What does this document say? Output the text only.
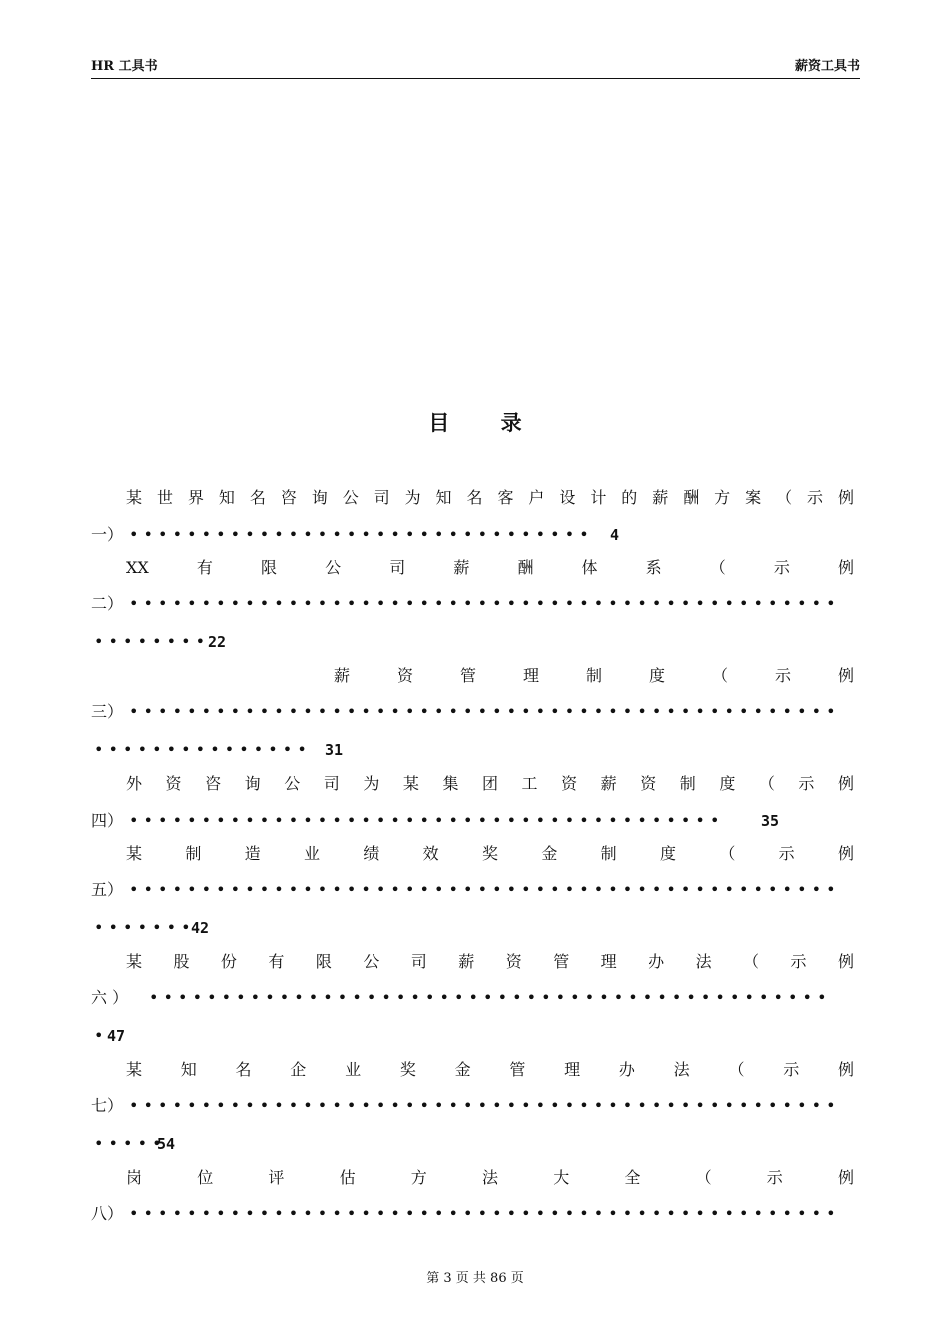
HR 工具书	薪资工具书
目 录
某世界知名咨询公司为知名客户设计的薪酬方案（示例
一） • • • • • • • • • • • • • • • • • • • • • • • • • • • • • • • • 4
XX有限公司薪酬体系（示例
二） • • • • • • • • • • • • • • • • • • • • • • • • • • • • • • • • • • • • • • • • • • • • • • • • •
• • • • • • • • 22
薪资管理制度（示例
三） • • • • • • • • • • • • • • • • • • • • • • • • • • • • • • • • • • • • • • • • • • • • • • • • •
• • • • • • • • • • • • • • • 31
外资咨询公司为某集团工资薪资制度（示例
四） • • • • • • • • • • • • • • • • • • • • • • • • • • • • • • • • • • • • • • • • •	35
某制造业绩效奖金制度（示例
五） • • • • • • • • • • • • • • • • • • • • • • • • • • • • • • • • • • • • • • • • • • • • • • • • •
• • • • • • • 42
某股份有限公司薪资管理办法（示例
六 ） • • • • • • • • • • • • • • • • • • • • • • • • • • • • • • • • • • • • • • • • • • • • • • •
• 47
某知名企业奖金管理办法（示例
七） • • • • • • • • • • • • • • • • • • • • • • • • • • • • • • • • • • • • • • • • • • • • • • • • •
• • • • •
54
岗位评估方法大全（示例
八） • • • • • • • • • • • • • • • • • • • • • • • • • • • • • • • • • • • • • • • • • • • • • • • • •
第 3 页 共 86 页
